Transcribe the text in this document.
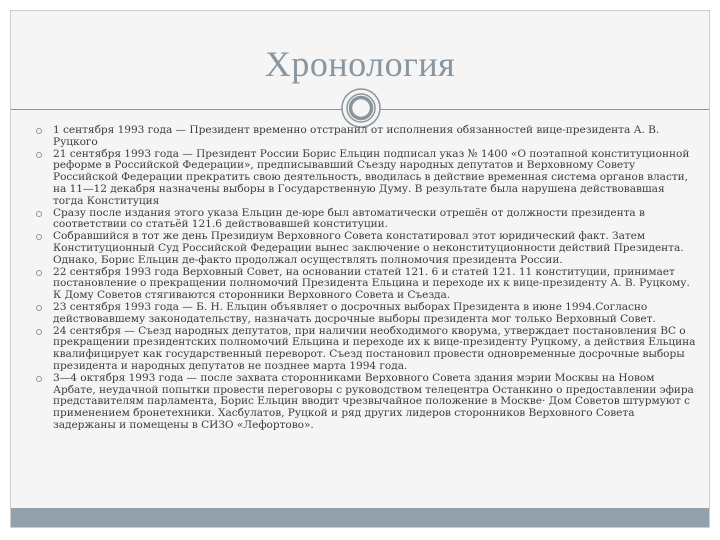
Хронология
1 сентября 1993 года — Президент временно отстранил от исполнения обязанностей вице-президента А. В. Руцкого
21 сентября 1993 года — Президент России Борис Ельцин подписал указ № 1400 «О поэтапной конституционной реформе в Российской Федерации», предписывавший Съезду народных депутатов и Верховному Совету Российской Федерации прекратить свою деятельность, вводилась в действие временная система органов власти, на 11—12 декабря назначены выборы в Государственную Думу. В результате была нарушена действовавшая тогда Конституция
Сразу после издания этого указа Ельцин де-юре был автоматически отрешён от должности президента в соответствии со статьёй 121.6 действовавшей конституции.
Собравшийся в тот же день Президиум Верховного Совета констатировал этот юридический факт. Затем Конституционный Суд Российской Федерации вынес заключение о неконституционности действий Президента. Однако, Борис Ельцин де-факто продолжал осуществлять полномочия президента России.
22 сентября 1993 года Верховный Совет, на основании статей 121. 6 и статей 121. 11 конституции, принимает постановление о прекращении полномочий Президента Ельцина и переходе их к вице-президенту А. В. Руцкому. К Дому Советов стягиваются сторонники Верховного Совета и Съезда.
23 сентября 1993 года — Б. Н. Ельцин объявляет о досрочных выборах Президента в июне 1994.Согласно действовавшему законодательству, назначать досрочные выборы президента мог только Верховный Совет.
24 сентября — Съезд народных депутатов, при наличии необходимого кворума, утверждает постановления ВС о прекращении президентских полномочий Ельцина и переходе их к вице-президенту Руцкому, а действия Ельцина квалифицирует как государственный переворот. Съезд постановил провести одновременные досрочные выборы президента и народных депутатов не позднее марта 1994 года.
3—4 октября 1993 года — после захвата сторонниками Верховного Совета здания мэрии Москвы на Новом Арбате, неудачной попытки провести переговоры с руководством телецентра Останкино о предоставлении эфира представителям парламента, Борис Ельцин вводит чрезвычайное положение в Москве· Дом Советов штурмуют с применением бронетехники. Хасбулатов, Руцкой и ряд других лидеров сторонников Верховного Совета задержаны и помещены в СИЗО «Лефортово».
